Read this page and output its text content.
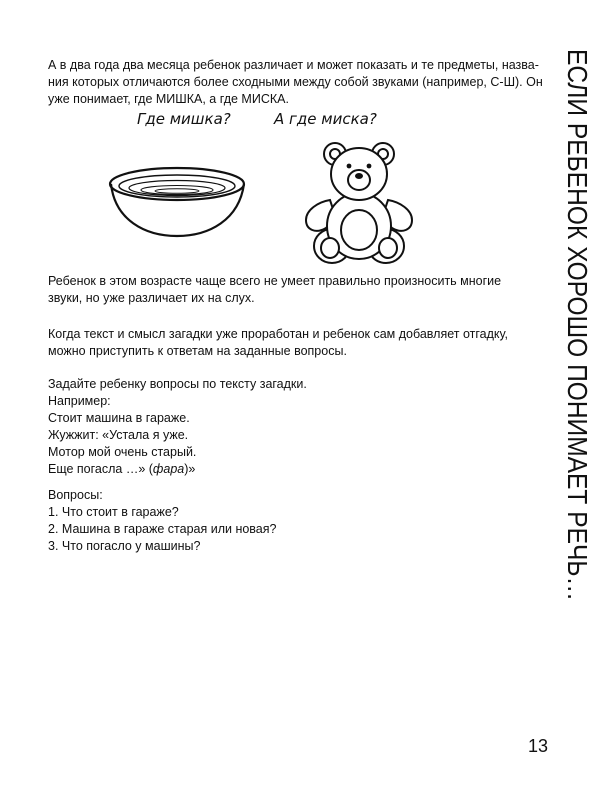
А в два года два месяца ребенок различает и может показать и те предметы, назва-
ния которых отличаются более сходными между собой звуками (например, С-Ш). Он
уже понимает, где МИШКА, а где МИСКА.

Где мишка?	А где миска?

Ребенок в этом возрасте чаще всего не умеет правильно произносить многие
звуки, но уже различает их на слух.

Когда текст и смысл загадки уже проработан и ребенок сам добавляет отгадку,
можно приступить к ответам на заданные вопросы.

Задайте ребенку вопросы по тексту загадки.
Например:
Стоит машина в гараже.
Жужжит: «Устала я уже.
Мотор мой очень старый.
Еще погасла …» (фара)»
Вопросы:
1. Что стоит в гараже?
2. Машина в гараже старая или новая?
3. Что погасло у машины?	ЕСЛИ РЕБЕНОК ХОРОШО ПОНИМАЕТ РЕЧЬ…
13
